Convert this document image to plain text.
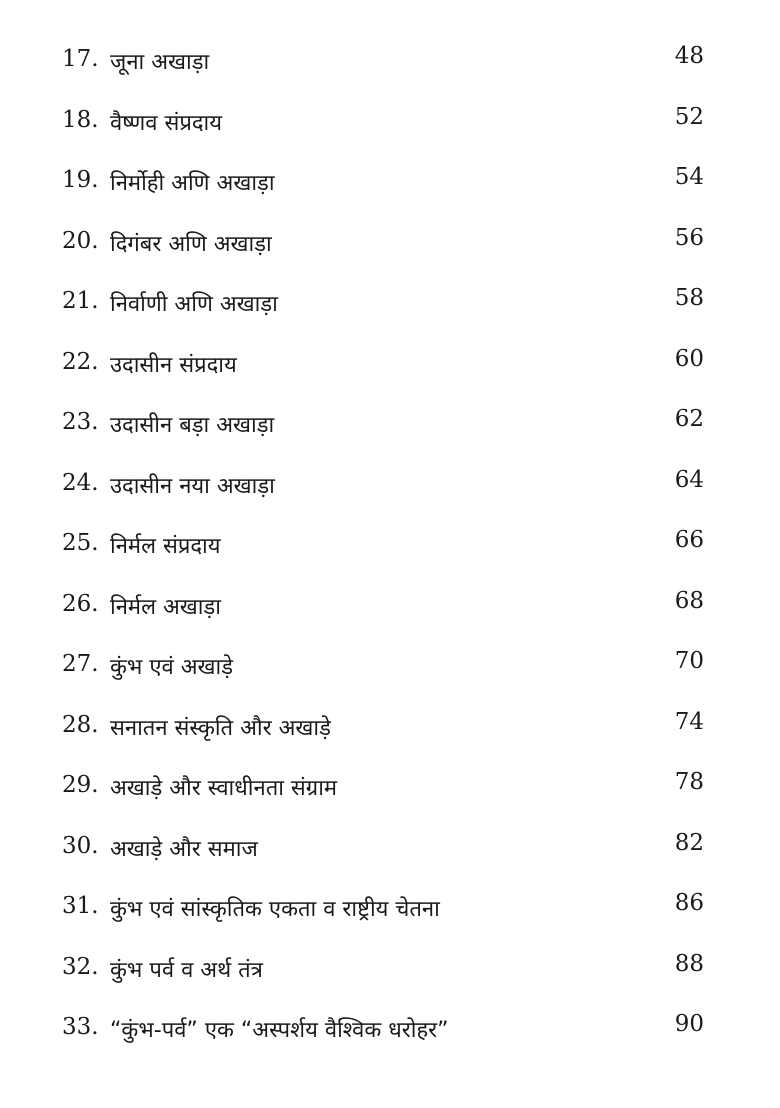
17. जूना अखाड़ा	48
18. वैष्णव संप्रदाय	52
19. निर्मोही अणि अखाड़ा	54
20. दिगंबर अणि अखाड़ा	56
21. निर्वाणी अणि अखाड़ा	58
22. उदासीन संप्रदाय	60
23. उदासीन बड़ा अखाड़ा	62
24. उदासीन नया अखाड़ा	64
25. निर्मल संप्रदाय	66
26. निर्मल अखाड़ा	68
27. कुंभ एवं अखाड़े	70
28. सनातन संस्कृति और अखाड़े	74
29. अखाड़े और स्वाधीनता संग्राम	78
30. अखाड़े और समाज	82
31. कुंभ एवं सांस्कृतिक एकता व राष्ट्रीय चेतना	86
32. कुंभ पर्व व अर्थ तंत्र	88
33. “कुंभ-पर्व” एक “अस्पर्शय वैश्विक धरोहर”	90
